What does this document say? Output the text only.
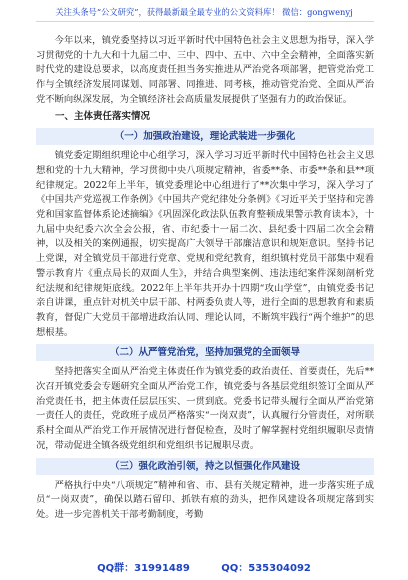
关注头条号“公文研究”，获得最新最全最专业的公文资料库！ 微信：gongwenyj

今年以来，镇党委坚持以习近平新时代中国特色社会主义思想为指导，深入学习贯彻党的十九大和十九届二中、三中、四中、五中、六中全会精神，全面落实新时代党的建设总要求，以高度责任担当务实推进从严治党各项部署，把管党治党工作与全镇经济发展同谋划、同部署、同推进、同考核，推动管党治党、全面从严治党不断向纵深发展，为全镇经济社会高质量发展提供了坚强有力的政治保证。

一、主体责任落实情况
（一）加强政治建设，理论武装进一步强化

镇党委定期组织理论中心组学习，深入学习习近平新时代中国特色社会主义思想和党的十九大精神，学习贯彻中央八项规定精神，省委**条、市委**条和县**项纪律规定。2022年上半年，镇党委理论中心组进行了**次集中学习，深入学习了《中国共产党巡视工作条例》《中国共产党纪律处分条例》《习近平关于坚持和完善党和国家监督体系论述摘编》《巩固深化政法队伍教育整顿成果警示教育读本》，十九届中央纪委六次全会公报，省、市纪委十一届二次、县纪委十四届二次全会精神，以及相关的案例通报，切实提高广大领导干部廉洁意识和规矩意识。坚持书记上党课，对全镇党员干部进行党章、党规和党纪教育，组织镇村党员干部集中观看警示教育片《重点局长的双面人生》，并结合典型案例、违法违纪案件深刻剖析党纪法规和纪律规矩底线。2022年上半年共开办十四期“攻山学堂”，由镇党委书记亲自讲课，重点针对机关中层干部、村两委负责人等，进行全面的思想教育和素质教育，督促广大党员干部增进政治认同、理论认同，不断筑牢践行“两个维护”的思想根基。

（二）从严管党治党，坚持加强党的全面领导

坚持把落实全面从严治党主体责任作为镇党委的政治责任、首要责任，先后**次召开镇党委会专题研究全面从严治党工作，镇党委与各基层党组织签订全面从严治党责任书，把主体责任层层压实、一贯到底。党委书记带头履行全面从严治党第一责任人的责任，党政班子成员严格落实“一岗双责”，认真履行分管责任，对所联系村全面从严治党工作开展情况进行督促检查，及时了解掌握村党组织履职尽责情况，带动促进全镇各级党组织和党组织书记履职尽责。

（三）强化政治引领，持之以恒强化作风建设

严格执行中央“八项规定”精神和省、市、县有关规定精神，进一步落实班子成员“一岗双责”，确保以踏石留印、抓铁有痕的劲头，把作风建设各项规定落到实处。进一步完善机关干部考勤制度，考勤

QQ群：31991489	QQ：535304092
